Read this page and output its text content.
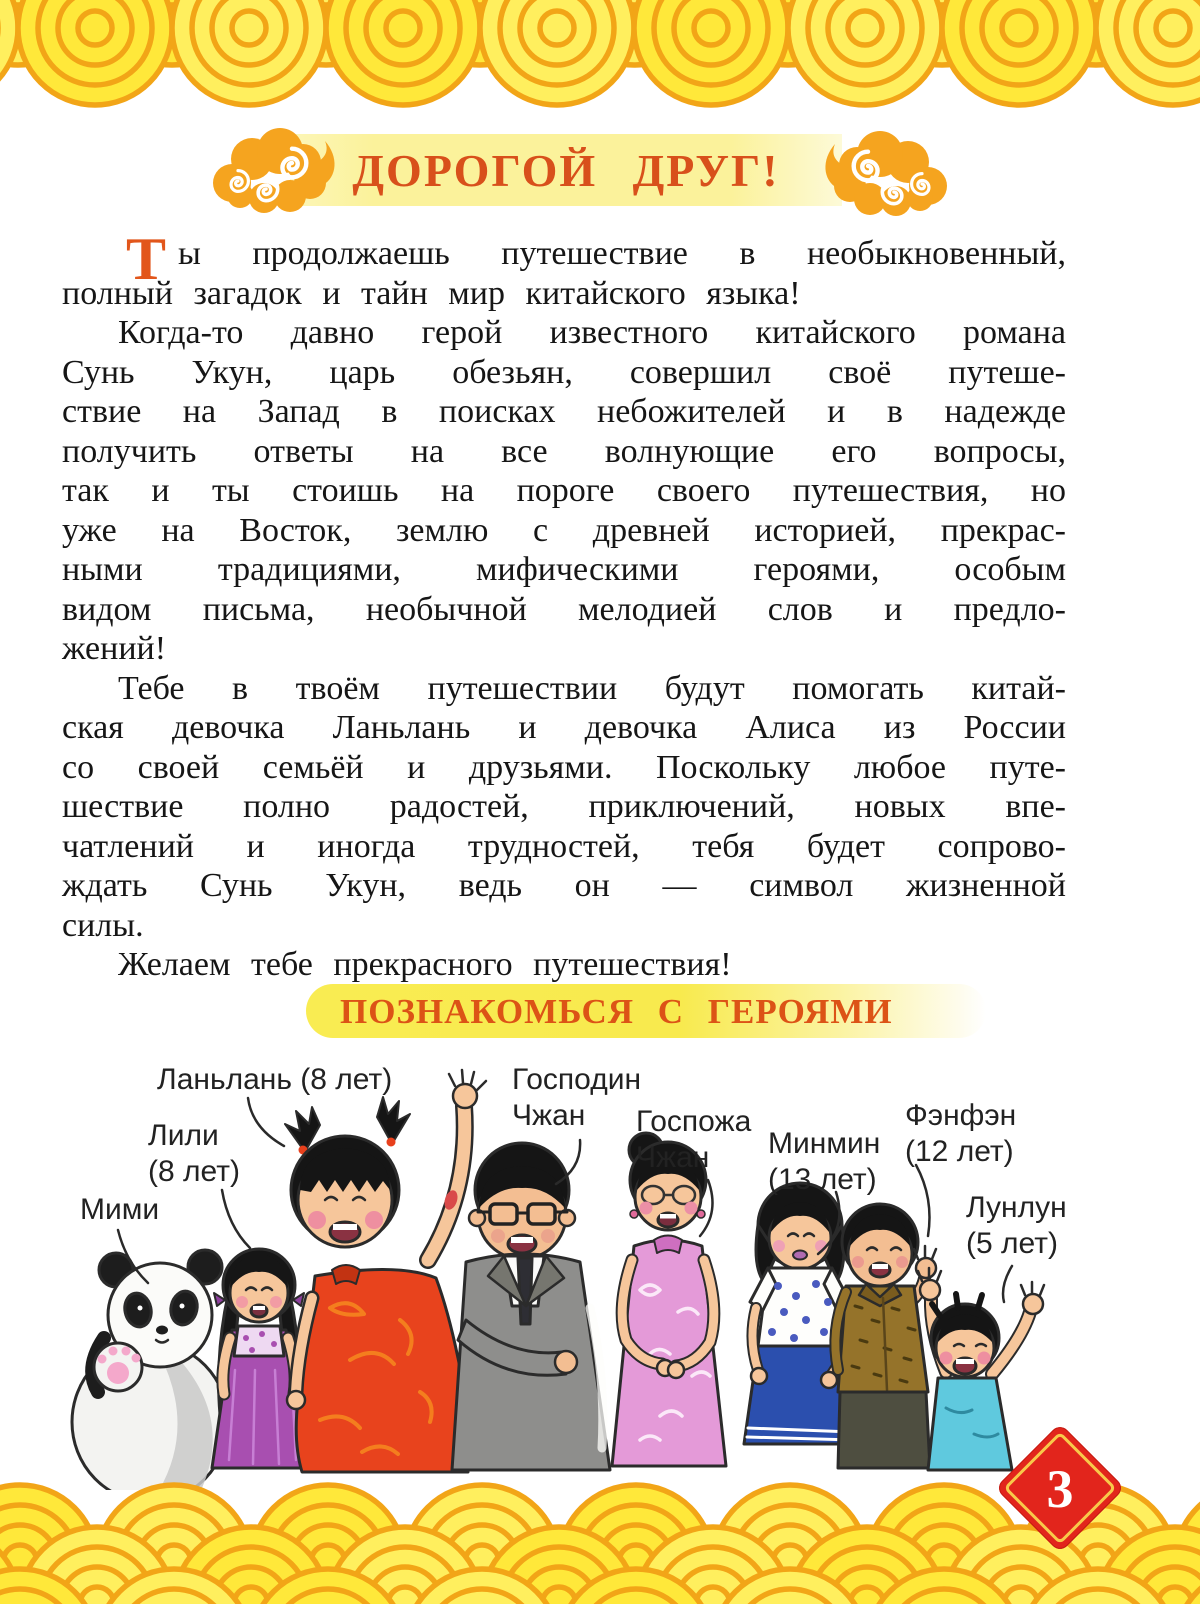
ДОРОГОЙ ДРУГ!
Т ы продолжаешь путешествие в необыкновенный,
полный загадок и тайн мир китайского языка!
Когда-то давно герой известного китайского романа
Сунь Укун, царь обезьян, совершил своё путеше-
ствие на Запад в поисках небожителей и в надежде
получить ответы на все волнующие его вопросы,
так и ты стоишь на пороге своего путешествия, но
уже на Восток, землю с древней историей, прекрас-
ными традициями, мифическими героями, особым
видом письма, необычной мелодией слов и предло-
жений!
Тебе в твоём путешествии будут помогать китай-
ская девочка Ланьлань и девочка Алиса из России
со своей семьёй и друзьями. Поскольку любое путе-
шествие полно радостей, приключений, новых впе-
чатлений и иногда трудностей, тебя будет сопрово-
ждать Сунь Укун, ведь он — символ жизненной
силы.
Желаем тебе прекрасного путешествия!
ПОЗНАКОМЬСЯ С ГЕРОЯМИ
Ланьлань (8 лет)	Господин
Чжан
Лили
(8 лет)
Мими
Госпожа
Чжан	Минмин
(13 лет)
Фэнфэн
(12 лет)
Лунлун
(5 лет)
3
